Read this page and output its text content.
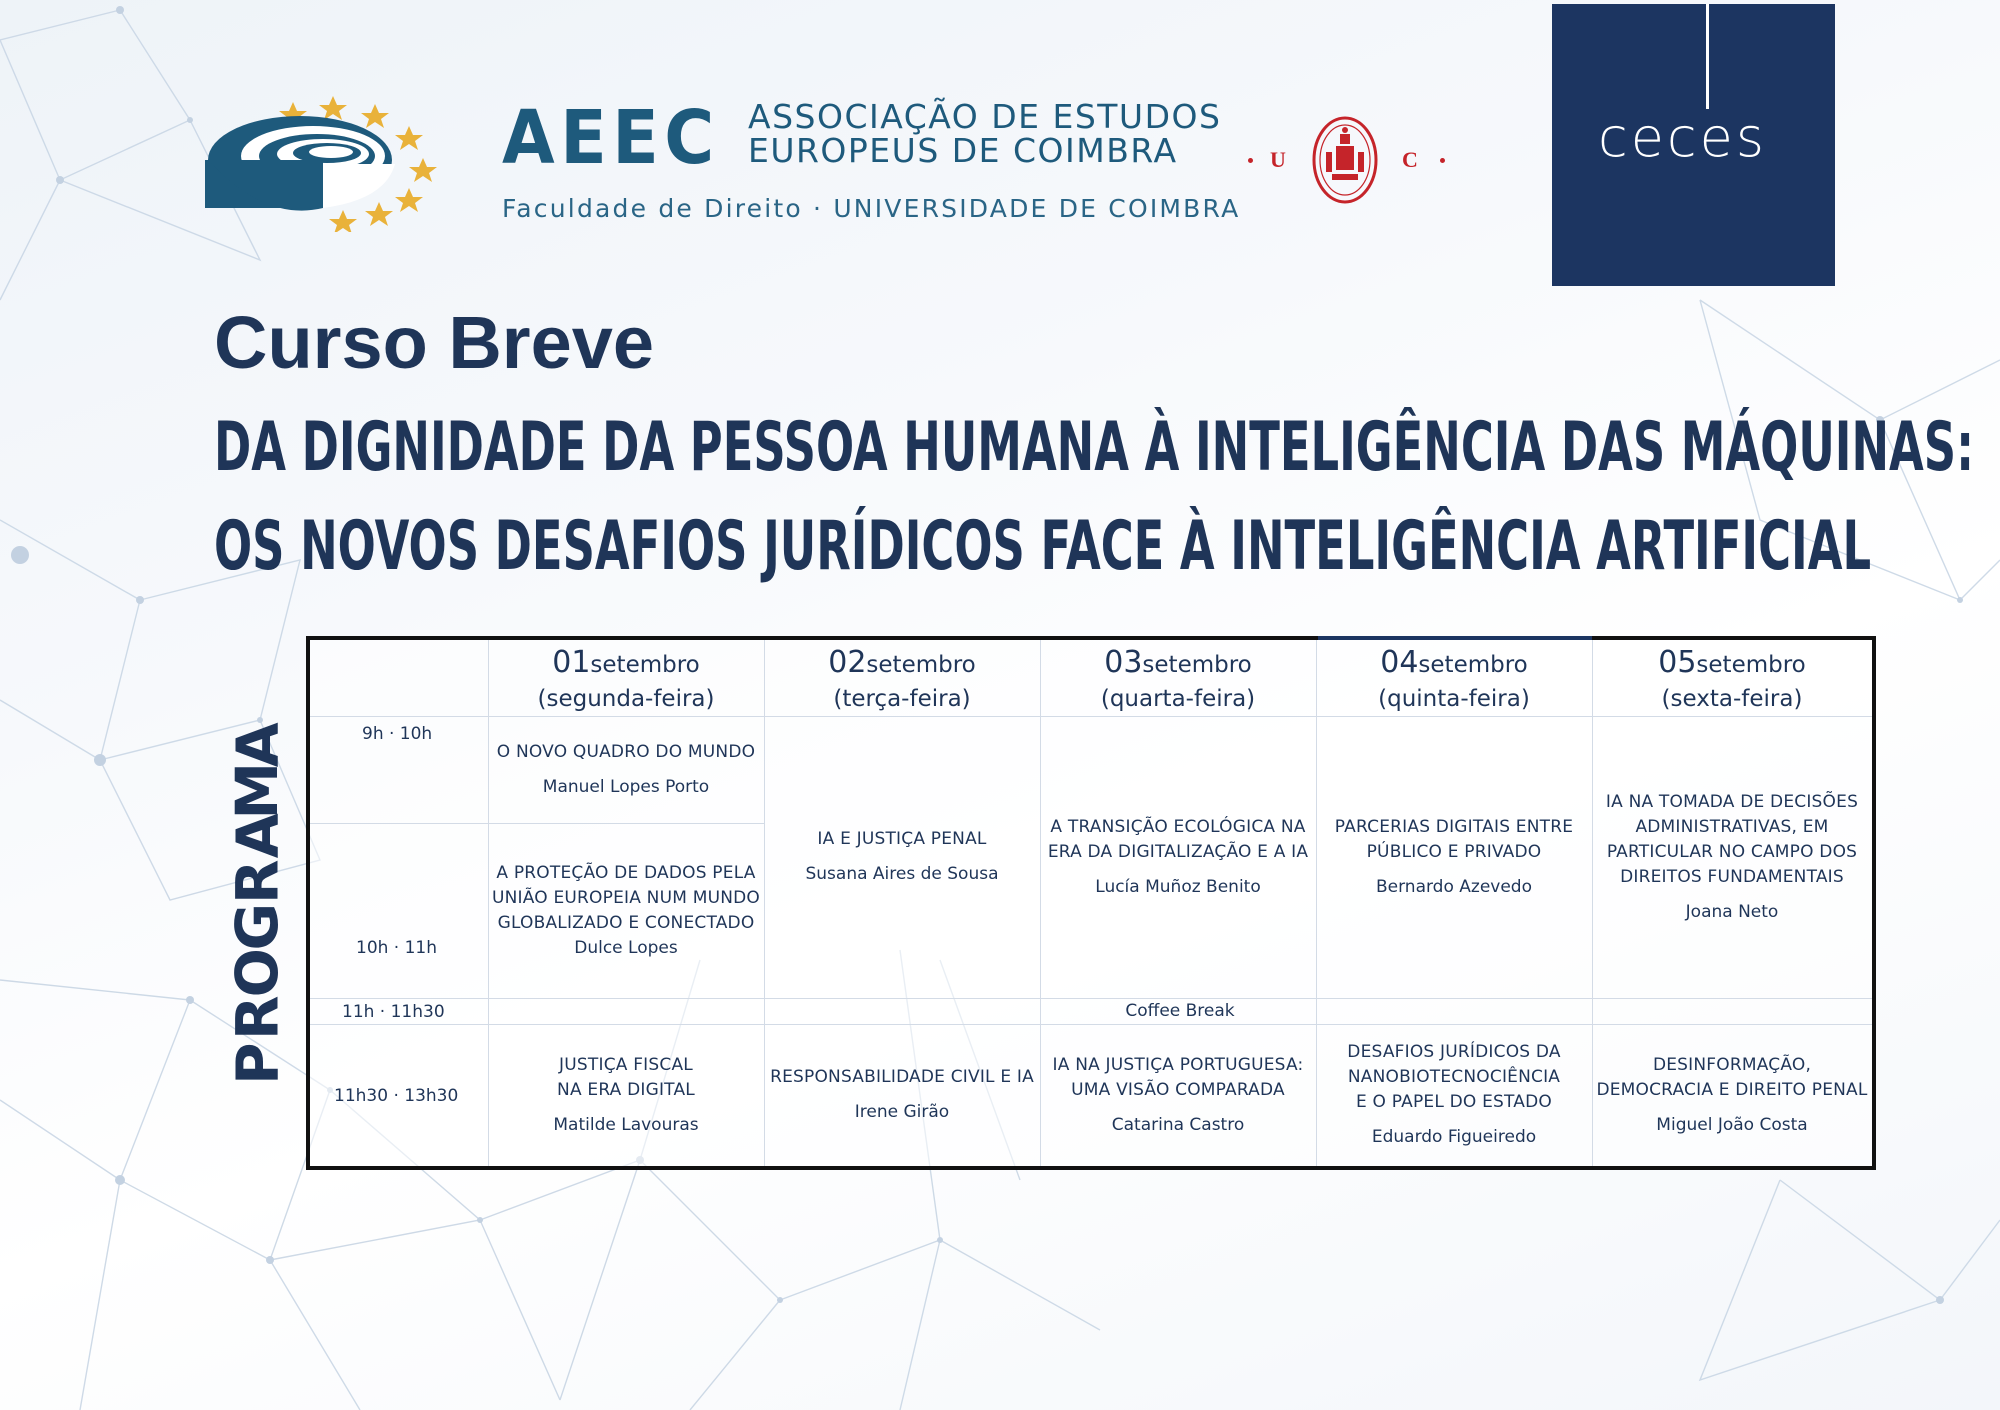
AEEC ASSOCIAÇÃO DE ESTUDOS
EUROPEUS DE COIMBRA
Faculdade de Direito · UNIVERSIDADE DE COIMBRA
U	C	ceces
Curso Breve
DA DIGNIDADE DA PESSOA HUMANA À INTELIGÊNCIA DAS MÁQUINAS:
OS NOVOS DESAFIOS JURÍDICOS FACE À INTELIGÊNCIA ARTIFICIAL
A
M
A
R
G
O
R
P
01setembro
(segunda-feira)
02setembro
(terça-feira)
03setembro
(quarta-feira)
04setembro
(quinta-feira)
05setembro
(sexta-feira)
9h · 10h
10h · 11h
11h · 11h30
11h30 · 13h30
O NOVO QUADRO DO MUNDO
Manuel Lopes Porto
A PROTEÇÃO DE DADOS PELA
UNIÃO EUROPEIA NUM MUNDO
GLOBALIZADO E CONECTADO
Dulce Lopes
IA E JUSTIÇA PENAL
Susana Aires de Sousa
A TRANSIÇÃO ECOLÓGICA NA
ERA DA DIGITALIZAÇÃO E A IA
Lucía Muñoz Benito
PARCERIAS DIGITAIS ENTRE
PÚBLICO E PRIVADO
Bernardo Azevedo
IA NA TOMADA DE DECISÕES
ADMINISTRATIVAS, EM
PARTICULAR NO CAMPO DOS
DIREITOS FUNDAMENTAIS
Joana Neto
Coffee Break
JUSTIÇA FISCAL
NA ERA DIGITAL
Matilde Lavouras
RESPONSABILIDADE CIVIL E IA
Irene Girão
IA NA JUSTIÇA PORTUGUESA:
UMA VISÃO COMPARADA
Catarina Castro
DESAFIOS JURÍDICOS DA
NANOBIOTECNOCIÊNCIA
E O PAPEL DO ESTADO
Eduardo Figueiredo
DESINFORMAÇÃO,
DEMOCRACIA E DIREITO PENAL
Miguel João Costa
